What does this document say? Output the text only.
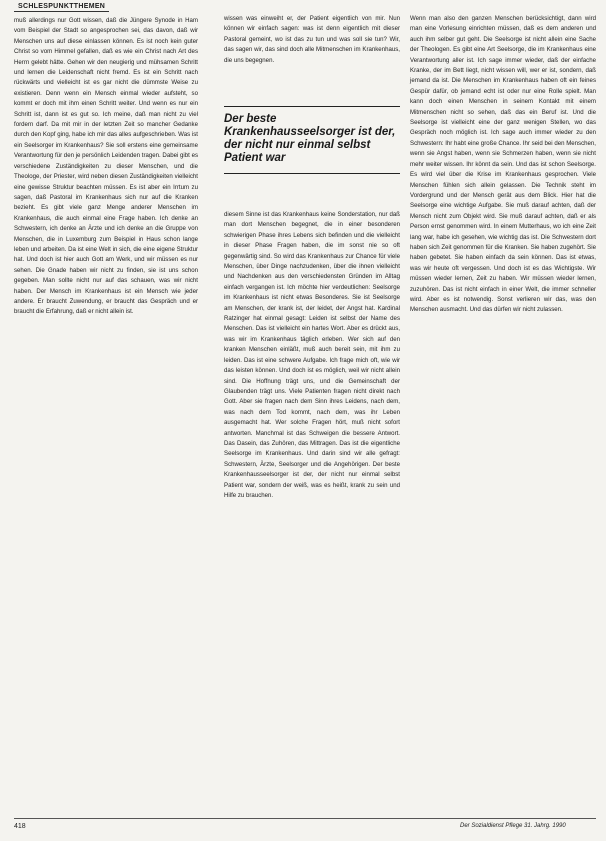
SCHLESPUNKTTHEMEN

muß allerdings nur Gott wissen, daß die Jüngere Synode in Ham vom Beispiel der Stadt so angesprochen sei, das davon, daß wir Menschen uns auf diese einlassen können. Es ist noch kein guter Christ so vom Himmel gefallen, daß es wie ein Christ nach Art des Herrn gelebt hätte. Gehen wir den neugierig und mühsamen Schritt und lernen die Leidenschaft nicht fremd. Es ist ein Schritt nach rückwärts und vielleicht ist es gar nicht die dümmste Weise zu existieren. Denn wenn ein Mensch einmal wieder aufsteht, so kommt er doch mit ihm einen Schritt weiter. Und wenn es nur ein Schritt ist, dann ist es gut so. Ich meine, daß man nicht zu viel fordern darf. Da mit mir in der letzten Zeit so mancher Gedanke durch den Kopf ging, habe ich mir das alles aufgeschrieben. Was ist ein Seelsorger im Krankenhaus? Sie soll erstens eine gemeinsame Verantwortung für den je persönlich Leidenden tragen. Dabei gibt es verschiedene Zuständigkeiten zu dieser Menschen, und die Theologe, der Priester, wird neben diesen Zuständigkeiten vielleicht eine gewisse Struktur beachten müssen. Es ist aber ein Irrtum zu sagen, daß Pastoral im Krankenhaus sich nur auf die Kranken bezieht. Es gibt viele ganz Menge anderer Menschen im Krankenhaus, die auch einmal eine Frage haben. Ich denke an Schwestern, ich denke an Ärzte und ich denke an die Gruppe von Menschen, die in Luxemburg zum Beispiel in Haus schon lange leben und arbeiten. Da ist eine Welt in sich, die eine eigene Struktur hat. Und doch ist hier auch Gott am Werk, und wir müssen es nur sehen. Die Gnade haben wir nicht zu finden, sie ist uns schon gegeben. Man sollte nicht nur auf das schauen, was wir nicht haben. Der Mensch im Krankenhaus ist ein Mensch wie jeder andere. Er braucht Zuwendung, er braucht das Gespräch und er braucht die Erfahrung, daß er nicht allein ist.

wissen was einweiht er, der Patient eigentlich von mir. Nun können wir einfach sagen: was ist denn eigentlich mit dieser Pastoral gemeint, wo ist das zu tun und was soll sie tun? Wir, das sagen wir, das sind doch alle Mitmenschen im Krankenhaus, die uns begegnen.

Der beste Krankenhausseelsorger ist der, der nicht nur einmal selbst Patient war

diesem Sinne ist das Krankenhaus keine Sonderstation, nur daß man dort Menschen begegnet, die in einer besonderen schwierigen Phase ihres Lebens sich befinden und die vielleicht in dieser Phase Fragen haben, die im sonst nie so oft gegenwärtig sind. So wird das Krankenhaus zur Chance für viele Menschen, über Dinge nachzudenken, über die ihnen vielleicht und Nachdenken aus den verschiedensten Gründen im Alltag einfach vergangen ist. Ich möchte hier verdeutlichen: Seelsorge im Krankenhaus ist nicht etwas Besonderes. Sie ist Seelsorge am Menschen, der krank ist, der leidet, der Angst hat. Kardinal Ratzinger hat einmal gesagt: Leiden ist selbst der Name des Menschen. Das ist vielleicht ein hartes Wort. Aber es drückt aus, was wir im Krankenhaus täglich erleben. Wer sich auf den kranken Menschen einläßt, muß auch bereit sein, mit ihm zu leiden. Das ist eine schwere Aufgabe. Ich frage mich oft, wie wir das leisten können. Und doch ist es möglich, weil wir nicht allein sind. Die Hoffnung trägt uns, und die Gemeinschaft der Glaubenden trägt uns. Viele Patienten fragen nicht direkt nach Gott. Aber sie fragen nach dem Sinn ihres Leidens, nach dem, was nach dem Tod kommt, nach dem, was ihr Leben ausgemacht hat. Wer solche Fragen hört, muß nicht sofort antworten. Manchmal ist das Schweigen die bessere Antwort. Das Dasein, das Zuhören, das Mittragen. Das ist die eigentliche Seelsorge im Krankenhaus. Und darin sind wir alle gefragt: Schwestern, Ärzte, Seelsorger und die Angehörigen. Der beste Krankenhausseelsorger ist der, der nicht nur einmal selbst Patient war, sondern der weiß, was es heißt, krank zu sein und Hilfe zu brauchen.

Wenn man also den ganzen Menschen berücksichtigt, dann wird man eine Vorlesung einrichten müssen, daß es dem anderen und auch ihm selber gut geht. Die Seelsorge ist nicht allein eine Sache der Theologen. Es gibt eine Art Seelsorge, die im Krankenhaus eine Verantwortung aller ist. Ich sage immer wieder, daß der einfache Kranke, der im Bett liegt, nicht wissen will, wer er ist, sondern, daß jemand da ist. Die Menschen im Krankenhaus haben oft ein feines Gespür dafür, ob jemand echt ist oder nur eine Rolle spielt. Man kann doch einen Menschen in seinem Kontakt mit einem Mitmenschen nicht so sehen, daß das ein Beruf ist. Und die Seelsorge ist vielleicht eine der ganz wenigen Stellen, wo das Gespräch noch möglich ist. Ich sage auch immer wieder zu den Schwestern: Ihr habt eine große Chance. Ihr seid bei den Menschen, wenn sie Angst haben, wenn sie Schmerzen haben, wenn sie nicht mehr weiter wissen. Ihr könnt da sein. Und das ist schon Seelsorge. Es wird viel über die Krise im Krankenhaus gesprochen. Viele Menschen fühlen sich allein gelassen. Die Technik steht im Vordergrund und der Mensch gerät aus dem Blick. Hier hat die Seelsorge eine wichtige Aufgabe. Sie muß darauf achten, daß der Mensch nicht zum Objekt wird. Sie muß darauf achten, daß er als Person ernst genommen wird. In einem Mutterhaus, wo ich eine Zeit lang war, habe ich gesehen, wie wichtig das ist. Die Schwestern dort haben sich Zeit genommen für die Kranken. Sie haben zugehört. Sie haben gebetet. Sie haben einfach da sein können. Das ist etwas, was wir heute oft vergessen. Und doch ist es das Wichtigste. Wir müssen wieder lernen, Zeit zu haben. Wir müssen wieder lernen, zuzuhören. Das ist nicht einfach in einer Welt, die immer schneller wird. Aber es ist notwendig. Sonst verlieren wir das, was den Menschen ausmacht. Und das dürfen wir nicht zulassen.

418	Der Sozialdienst Pflege 31. Jahrg. 1990
